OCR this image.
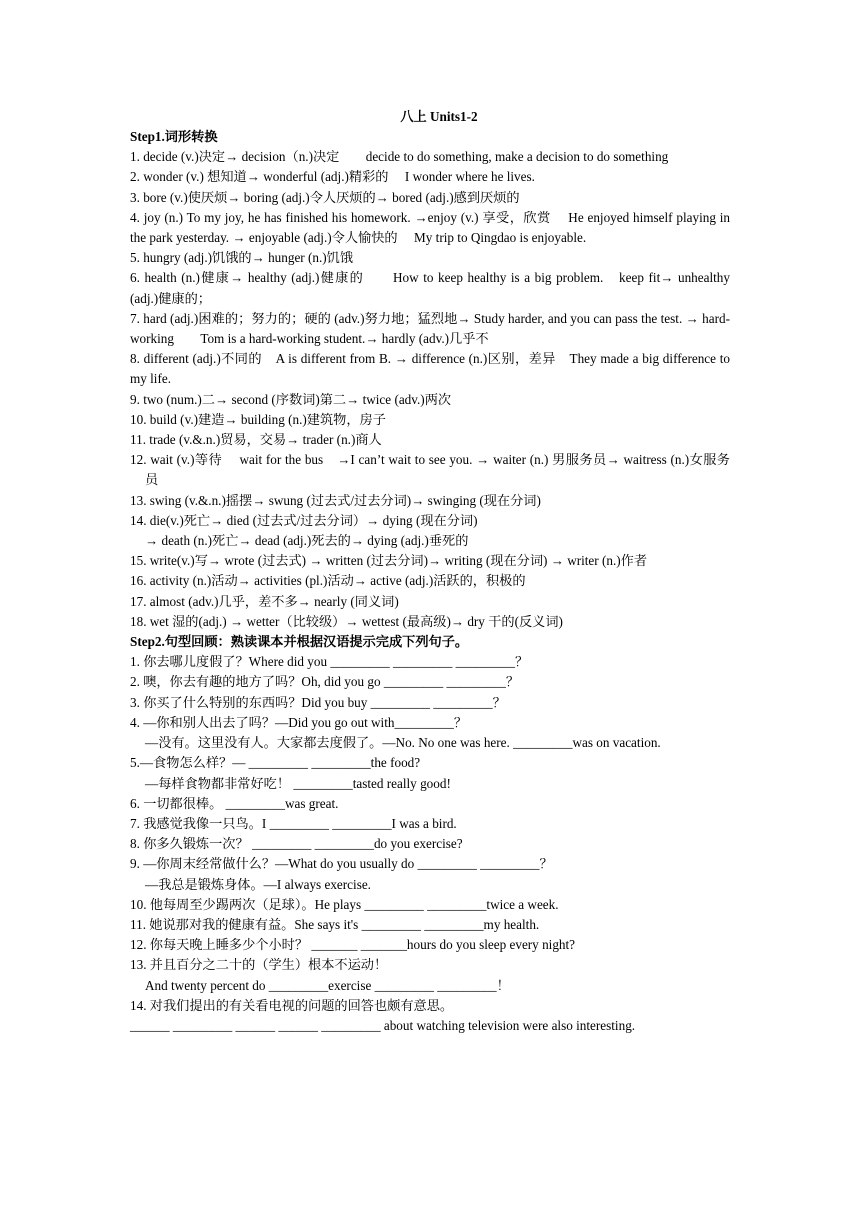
八上 Units1-2
Step1.词形转换
1. decide (v.)决定→ decision（n.)决定　　decide to do something, make a decision to do something
2. wonder (v.) 想知道→ wonderful (adj.)精彩的　 I wonder where he lives.
3. bore (v.)使厌烦→ boring (adj.)令人厌烦的→ bored (adj.)感到厌烦的
4. joy (n.) To my joy, he has finished his homework. →enjoy (v.) 享受，欣赏　 He enjoyed himself playing in the park yesterday. → enjoyable (adj.)令人愉快的　 My trip to Qingdao is enjoyable.
5. hungry (adj.)饥饿的→ hunger (n.)饥饿
6. health (n.)健康→ healthy (adj.)健康的　　How to keep healthy is a big problem.　keep fit→ unhealthy (adj.)健康的；
7. hard (adj.)困难的；努力的；硬的 (adv.)努力地；猛烈地→ Study harder, and you can pass the test. → hard-working　　Tom is a hard-working student.→ hardly (adv.)几乎不
8. different (adj.)不同的　A is different from B. → difference (n.)区别，差异　They made a big difference to my life.
9. two (num.)二→ second (序数词)第二→ twice (adv.)两次
10. build (v.)建造→ building (n.)建筑物，房子
11. trade (v.&.n.)贸易，交易→ trader (n.)商人
12. wait (v.)等待　 wait for the bus　→I can’t wait to see you. → waiter (n.) 男服务员→ waitress (n.)女服务员
13. swing (v.&.n.)摇摆→ swung (过去式/过去分词)→ swinging (现在分词)
14. die(v.)死亡→ died (过去式/过去分词）→ dying (现在分词)
→ death (n.)死亡→ dead (adj.)死去的→ dying (adj.)垂死的
15. write(v.)写→ wrote (过去式) → written (过去分词)→ writing (现在分词) → writer (n.)作者
16. activity (n.)活动→ activities (pl.)活动→ active (adj.)活跃的，积极的
17. almost (adv.)几乎，差不多→ nearly (同义词)
18. wet 湿的(adj.) → wetter（比较级）→ wettest (最高级)→ dry 干的(反义词)
Step2.句型回顾：熟读课本并根据汉语提示完成下列句子。
1. 你去哪儿度假了？Where did you _________ _________ _________？
2. 噢，你去有趣的地方了吗？Oh, did you go _________ _________？
3. 你买了什么特别的东西吗？Did you buy _________ _________？
4. —你和别人出去了吗？—Did you go out with_________？
—没有。这里没有人。大家都去度假了。—No. No one was here. _________was on vacation.
5.—食物怎么样？— _________ _________the food?
—每样食物都非常好吃！ _________tasted really good!
6. 一切都很棒。 _________was great.
7. 我感觉我像一只鸟。I _________ _________I was a bird.
8. 你多久锻炼一次？ _________ _________do you exercise?
9. —你周末经常做什么？—What do you usually do _________ _________？
—我总是锻炼身体。—I always exercise.
10. 他每周至少踢两次（足球）。He plays _________ _________twice a week.
11. 她说那对我的健康有益。She says it's _________ _________my health.
12. 你每天晚上睡多少个小时？ _______ _______hours do you sleep every night?
13. 并且百分之二十的（学生）根本不运动！
And twenty percent do _________exercise _________ _________！
14. 对我们提出的有关看电视的问题的回答也颇有意思。
______ _________ ______ ______ _________ about watching television were also interesting.
